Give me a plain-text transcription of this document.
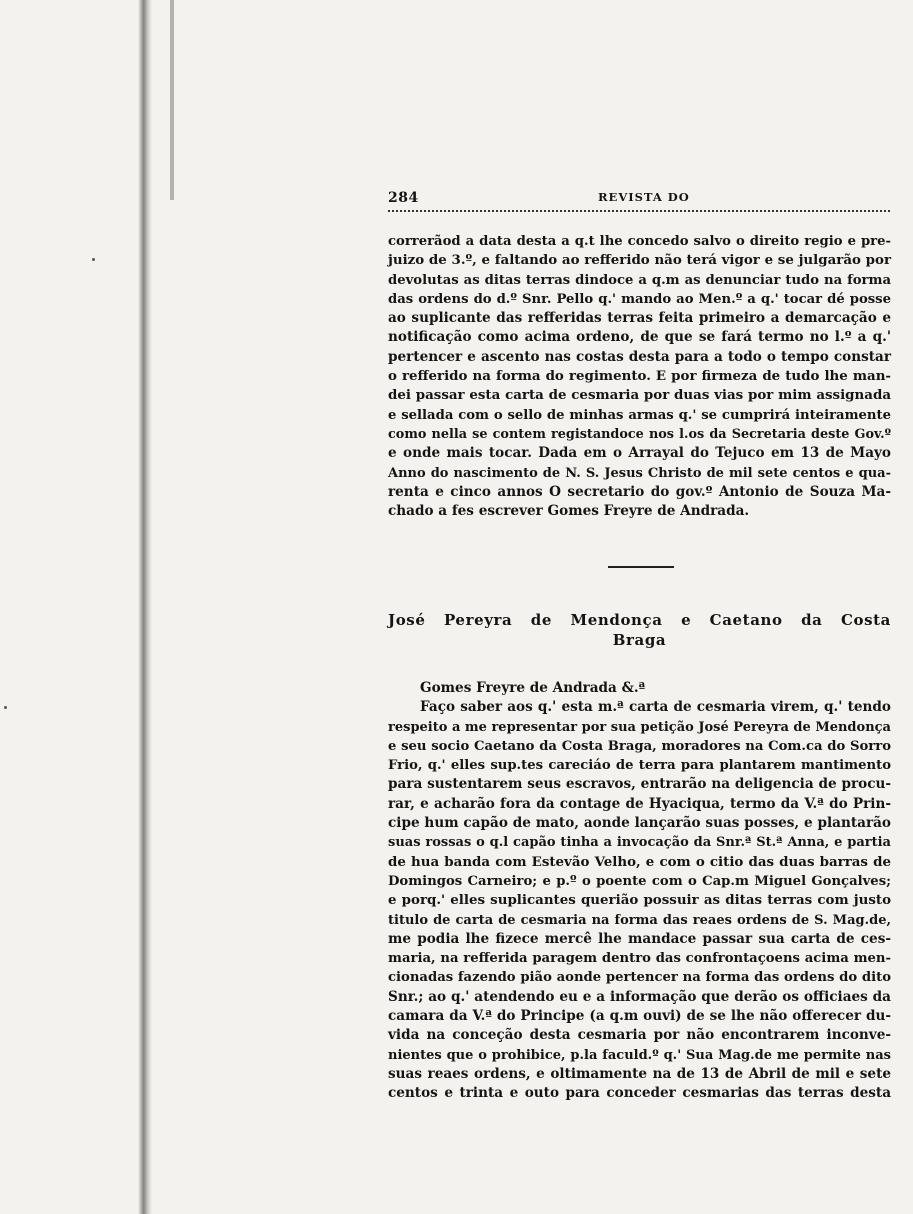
284	REVISTA DO
correrãod a data desta a q.t lhe concedo salvo o direito regio e pre-
juizo de 3.º, e faltando ao refferido não terá vigor e se julgarão por
devolutas as ditas terras dindoce a q.m as denunciar tudo na forma
das ordens do d.º Snr. Pello q.' mando ao Men.º a q.' tocar dé posse
ao suplicante das refferidas terras feita primeiro a demarcação e
notificação como acima ordeno, de que se fará termo no l.º a q.'
pertencer e ascento nas costas desta para a todo o tempo constar
o refferido na forma do regimento. E por firmeza de tudo lhe man-
dei passar esta carta de cesmaria por duas vias por mim assignada
e sellada com o sello de minhas armas q.' se cumprirá inteiramente
como nella se contem registandoce nos l.os da Secretaria deste Gov.º
e onde mais tocar. Dada em o Arrayal do Tejuco em 13 de Mayo
Anno do nascimento de N. S. Jesus Christo de mil sete centos e qua-
renta e cinco annos O secretario do gov.º Antonio de Souza Ma-
chado a fes escrever Gomes Freyre de Andrada.
José Pereyra de Mendonça e Caetano da Costa
Braga
Gomes Freyre de Andrada &.ª
Faço saber aos q.' esta m.ª carta de cesmaria virem, q.' tendo
respeito a me representar por sua petição José Pereyra de Mendonça
e seu socio Caetano da Costa Braga, moradores na Com.ca do Sorro
Frio, q.' elles sup.tes careciáo de terra para plantarem mantimento
para sustentarem seus escravos, entrarão na deligencia de procu-
rar, e acharão fora da contage de Hyaciqua, termo da V.ª do Prin-
cipe hum capão de mato, aonde lançarão suas posses, e plantarão
suas rossas o q.l capão tinha a invocação da Snr.ª St.ª Anna, e partia
de hua banda com Estevão Velho, e com o citio das duas barras de
Domingos Carneiro; e p.º o poente com o Cap.m Miguel Gonçalves;
e porq.' elles suplicantes querião possuir as ditas terras com justo
titulo de carta de cesmaria na forma das reaes ordens de S. Mag.de,
me podia lhe fizece mercê lhe mandace passar sua carta de ces-
maria, na refferida paragem dentro das confrontaçoens acima men-
cionadas fazendo pião aonde pertencer na forma das ordens do dito
Snr.; ao q.' atendendo eu e a informação que derão os officiaes da
camara da V.ª do Principe (a q.m ouvi) de se lhe não offerecer du-
vida na conceção desta cesmaria por não encontrarem inconve-
nientes que o prohibice, p.la faculd.º q.' Sua Mag.de me permite nas
suas reaes ordens, e oltimamente na de 13 de Abril de mil e sete
centos e trinta e outo para conceder cesmarias das terras desta
